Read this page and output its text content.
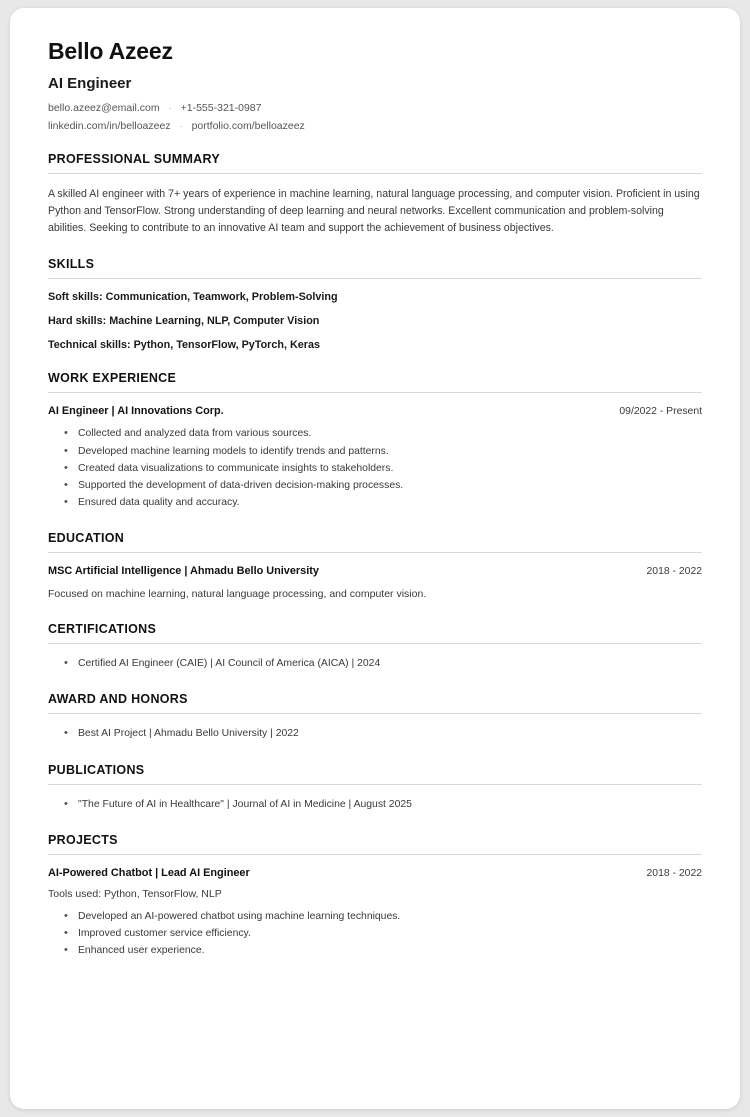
Bello Azeez
AI Engineer
bello.azeez@email.com · +1-555-321-0987
linkedin.com/in/belloazeez · portfolio.com/belloazeez
PROFESSIONAL SUMMARY
A skilled AI engineer with 7+ years of experience in machine learning, natural language processing, and computer vision. Proficient in using Python and TensorFlow. Strong understanding of deep learning and neural networks. Excellent communication and problem-solving abilities. Seeking to contribute to an innovative AI team and support the achievement of business objectives.
SKILLS
Soft skills: Communication, Teamwork, Problem-Solving
Hard skills: Machine Learning, NLP, Computer Vision
Technical skills: Python, TensorFlow, PyTorch, Keras
WORK EXPERIENCE
AI Engineer | AI Innovations Corp.	09/2022 - Present
• Collected and analyzed data from various sources.
• Developed machine learning models to identify trends and patterns.
• Created data visualizations to communicate insights to stakeholders.
• Supported the development of data-driven decision-making processes.
• Ensured data quality and accuracy.
EDUCATION
MSC Artificial Intelligence | Ahmadu Bello University	2018 - 2022
Focused on machine learning, natural language processing, and computer vision.
CERTIFICATIONS
• Certified AI Engineer (CAIE) | AI Council of America (AICA) | 2024
AWARD AND HONORS
• Best AI Project | Ahmadu Bello University | 2022
PUBLICATIONS
• "The Future of AI in Healthcare" | Journal of AI in Medicine | August 2025
PROJECTS
AI-Powered Chatbot | Lead AI Engineer	2018 - 2022
Tools used: Python, TensorFlow, NLP
• Developed an AI-powered chatbot using machine learning techniques.
• Improved customer service efficiency.
• Enhanced user experience.
